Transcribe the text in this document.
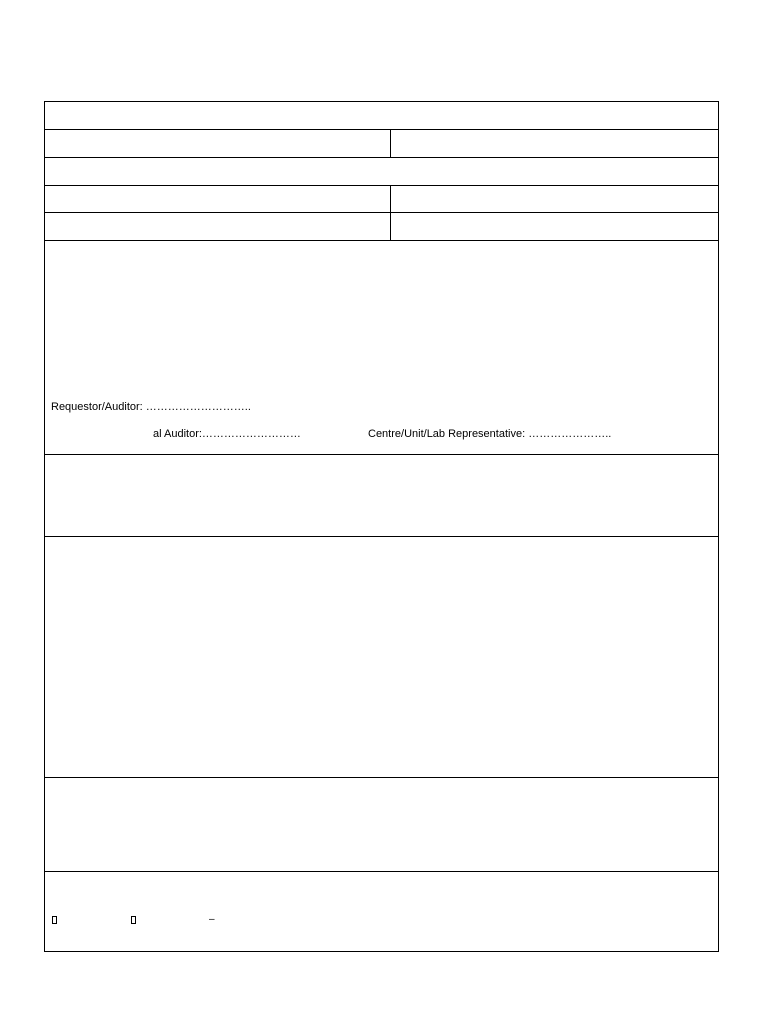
Requestor/Auditor: ………………………..
al Auditor:………………………	Centre/Unit/Lab Representative: …………………..
–
